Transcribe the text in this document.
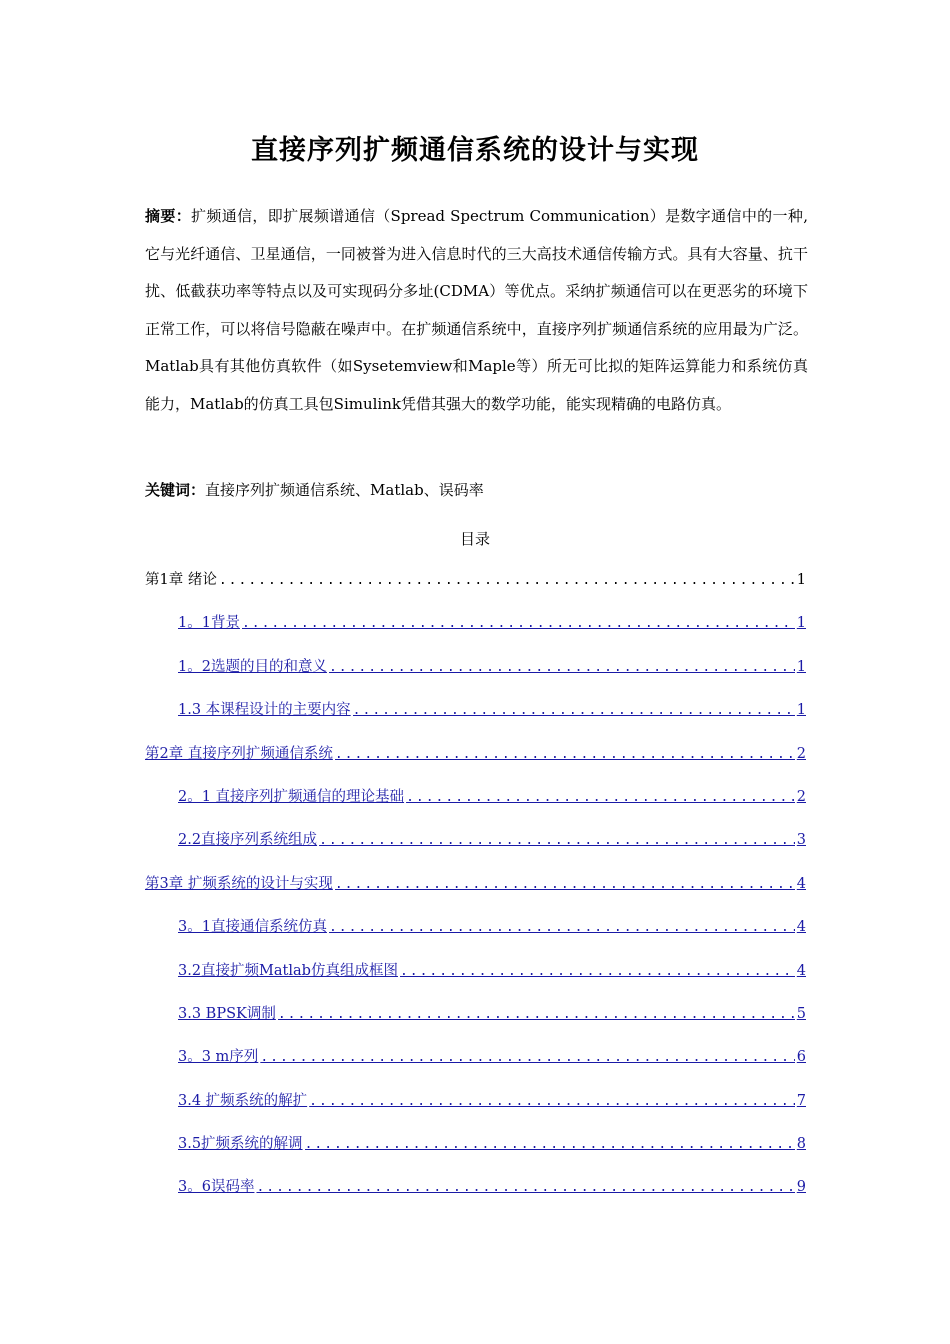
直接序列扩频通信系统的设计与实现
摘要：扩频通信，即扩展频谱通信（Spread Spectrum Communication）是数字通信中的一种,它与光纤通信、卫星通信，一同被誉为进入信息时代的三大高技术通信传输方式。具有大容量、抗干扰、低截获功率等特点以及可实现码分多址(CDMA）等优点。采纳扩频通信可以在更恶劣的环境下正常工作，可以将信号隐蔽在噪声中。在扩频通信系统中，直接序列扩频通信系统的应用最为广泛。Matlab具有其他仿真软件（如Sysetemview和Maple等）所无可比拟的矩阵运算能力和系统仿真能力，Matlab的仿真工具包Simulink凭借其强大的数学功能，能实现精确的电路仿真。
关键词：直接序列扩频通信系统、Matlab、误码率
目录
第1章 绪论 .....	1
1。1背景 .....	1
1。2选题的目的和意义 .....	1
1.3 本课程设计的主要内容 .....	1
第2章 直接序列扩频通信系统 .....	2
2。1 直接序列扩频通信的理论基础 .....	2
2.2直接序列系统组成 .....	3
第3章 扩频系统的设计与实现 .....	4
3。1直接通信系统仿真 .....	4
3.2直接扩频Matlab仿真组成框图 .....	4
3.3 BPSK调制 .....	5
3。3 m序列 .....	6
3.4 扩频系统的解扩 .....	7
3.5扩频系统的解调 .....	8
3。6误码率 .....	9
